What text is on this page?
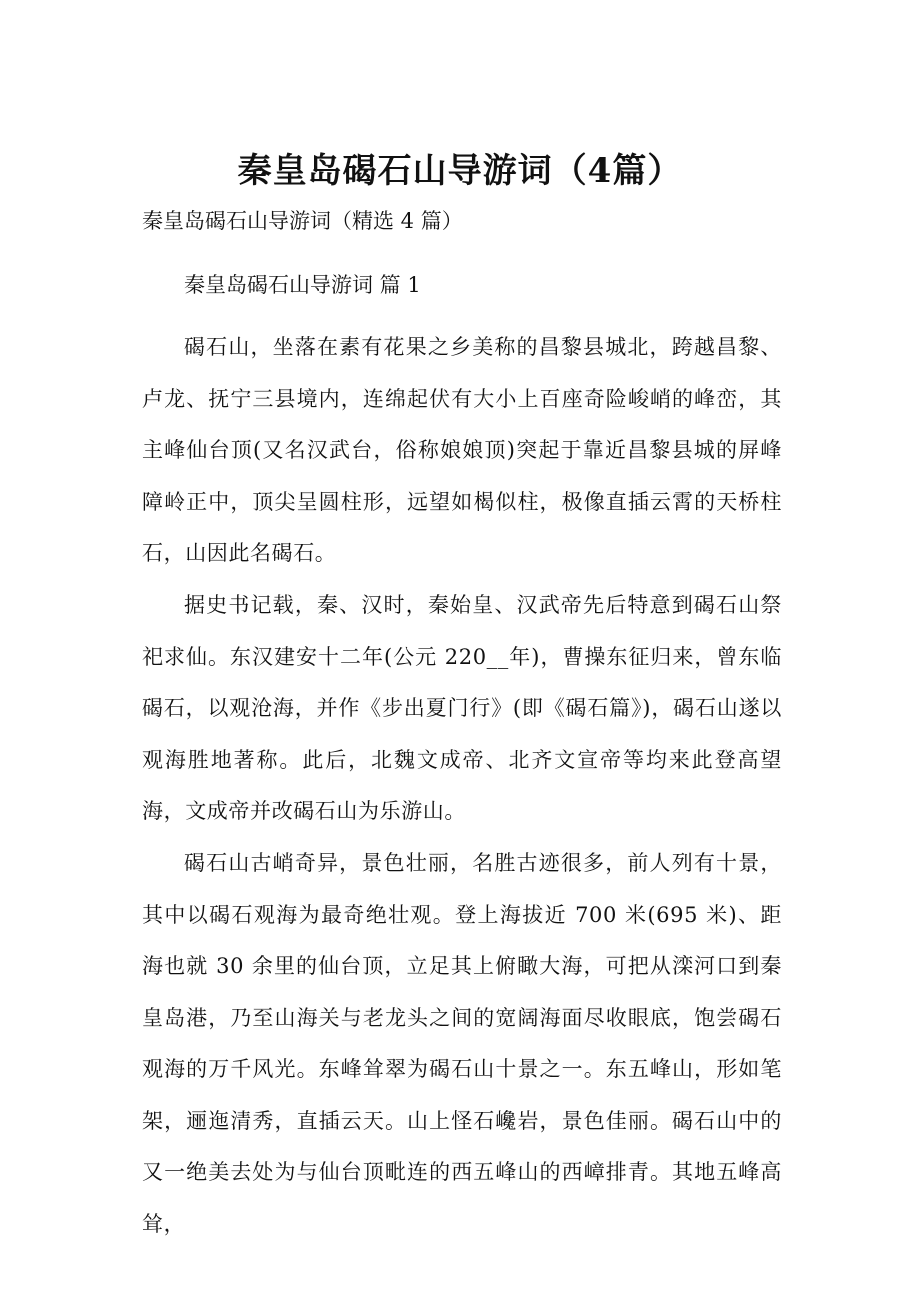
秦皇岛碣石山导游词（4篇）
秦皇岛碣石山导游词（精选 4 篇）
秦皇岛碣石山导游词 篇 1

碣石山，坐落在素有花果之乡美称的昌黎县城北，跨越昌黎、卢龙、抚宁三县境内，连绵起伏有大小上百座奇险峻峭的峰峦，其主峰仙台顶(又名汉武台，俗称娘娘顶)突起于靠近昌黎县城的屏峰障岭正中，顶尖呈圆柱形，远望如楬似柱，极像直插云霄的天桥柱石，山因此名碣石。

据史书记载，秦、汉时，秦始皇、汉武帝先后特意到碣石山祭祀求仙。东汉建安十二年(公元 220__年)，曹操东征归来，曾东临碣石，以观沧海，并作《步出夏门行》(即《碣石篇》)，碣石山遂以观海胜地著称。此后，北魏文成帝、北齐文宣帝等均来此登高望海，文成帝并改碣石山为乐游山。

碣石山古峭奇异，景色壮丽，名胜古迹很多，前人列有十景，其中以碣石观海为最奇绝壮观。登上海拔近 700 米(695 米)、距海也就 30 余里的仙台顶，立足其上俯瞰大海，可把从滦河口到秦皇岛港，乃至山海关与老龙头之间的宽阔海面尽收眼底，饱尝碣石观海的万千风光。东峰耸翠为碣石山十景之一。东五峰山，形如笔架，逦迤清秀，直插云天。山上怪石巉岩，景色佳丽。碣石山中的又一绝美去处为与仙台顶毗连的西五峰山的西嶂排青。其地五峰高耸，
